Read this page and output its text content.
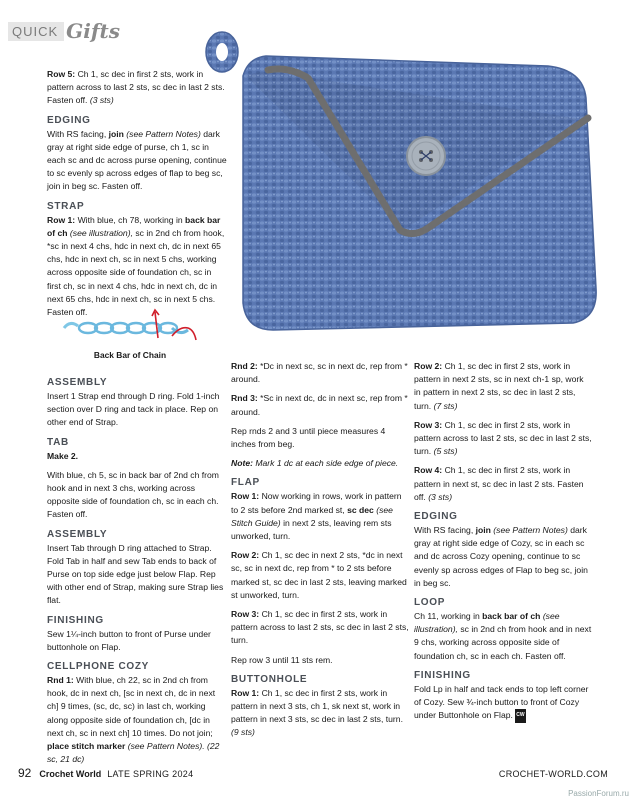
QUICK Gifts

Row 5: Ch 1, sc dec in first 2 sts, work in pattern across to last 2 sts, sc dec in last 2 sts. Fasten off. (3 sts)

EDGING

With RS facing, join (see Pattern Notes) dark gray at right side edge of purse, ch 1, sc in each sc and dc across purse opening, continue to sc evenly sp across edges of flap to beg sc, join in beg sc. Fasten off.

STRAP

Row 1: With blue, ch 78, working in back bar of ch (see illustration), sc in 2nd ch from hook, *sc in next 4 chs, hdc in next ch, dc in next 65 chs, hdc in next ch, sc in next 5 chs, working across opposite side of foundation ch, sc in first ch, sc in next 4 chs, hdc in next ch, dc in next 65 chs, hdc in next ch, sc in next 5 chs. Fasten off.

Back Bar of Chain
ASSEMBLY

Insert 1 Strap end through D ring. Fold 1-inch section over D ring and tack in place. Rep on other end of Strap.

TAB

Make 2.

With blue, ch 5, sc in back bar of 2nd ch from hook and in next 3 chs, working across opposite side of foundation ch, sc in each ch. Fasten off.

ASSEMBLY

Insert Tab through D ring attached to Strap. Fold Tab in half and sew Tab ends to back of Purse on top side edge just below Flap. Rep with other end of Strap, making sure Strap lies flat.

FINISHING

Sew 1¼-inch button to front of Purse under buttonhole on Flap.

CELLPHONE COZY

Rnd 1: With blue, ch 22, sc in 2nd ch from hook, dc in next ch, [sc in next ch, dc in next ch] 9 times, (sc, dc, sc) in last ch, working along opposite side of foundation ch, [dc in next ch, sc in next ch] 10 times. Do not join; place stitch marker (see Pattern Notes). (22 sc, 21 dc)

Rnd 2: *Dc in next sc, sc in next dc, rep from * around.

Rnd 3: *Sc in next dc, dc in next sc, rep from * around.

Rep rnds 2 and 3 until piece measures 4 inches from beg.

Note: Mark 1 dc at each side edge of piece.

FLAP

Row 1: Now working in rows, work in pattern to 2 sts before 2nd marked st, sc dec (see Stitch Guide) in next 2 sts, leaving rem sts unworked, turn.

Row 2: Ch 1, sc dec in next 2 sts, *dc in next sc, sc in next dc, rep from * to 2 sts before marked st, sc dec in last 2 sts, leaving marked st unworked, turn.

Row 3: Ch 1, sc dec in first 2 sts, work in pattern across to last 2 sts, sc dec in last 2 sts, turn.

Rep row 3 until 11 sts rem.

BUTTONHOLE

Row 1: Ch 1, sc dec in first 2 sts, work in pattern in next 3 sts, ch 1, sk next st, work in pattern in next 3 sts, sc dec in last 2 sts, turn. (9 sts)

Row 2: Ch 1, sc dec in first 2 sts, work in pattern in next 2 sts, sc in next ch-1 sp, work in pattern in next 2 sts, sc dec in last 2 sts, turn. (7 sts)

Row 3: Ch 1, sc dec in first 2 sts, work in pattern across to last 2 sts, sc dec in last 2 sts, turn. (5 sts)

Row 4: Ch 1, sc dec in first 2 sts, work in pattern in next st, sc dec in last 2 sts. Fasten off. (3 sts)

EDGING

With RS facing, join (see Pattern Notes) dark gray at right side edge of Cozy, sc in each sc and dc across Cozy opening, continue to sc evenly sp across edges of Flap to beg sc, join in beg sc.

LOOP

Ch 11, working in back bar of ch (see illustration), sc in 2nd ch from hook and in next 9 chs, working across opposite side of foundation ch, sc in each ch. Fasten off.

FINISHING

Fold Lp in half and tack ends to top left corner of Cozy. Sew ¾-inch button to front of Cozy under Buttonhole on Flap. CW

92 Crochet World LATE SPRING 2024	CROCHET-WORLD.COM
PassionForum.ru
